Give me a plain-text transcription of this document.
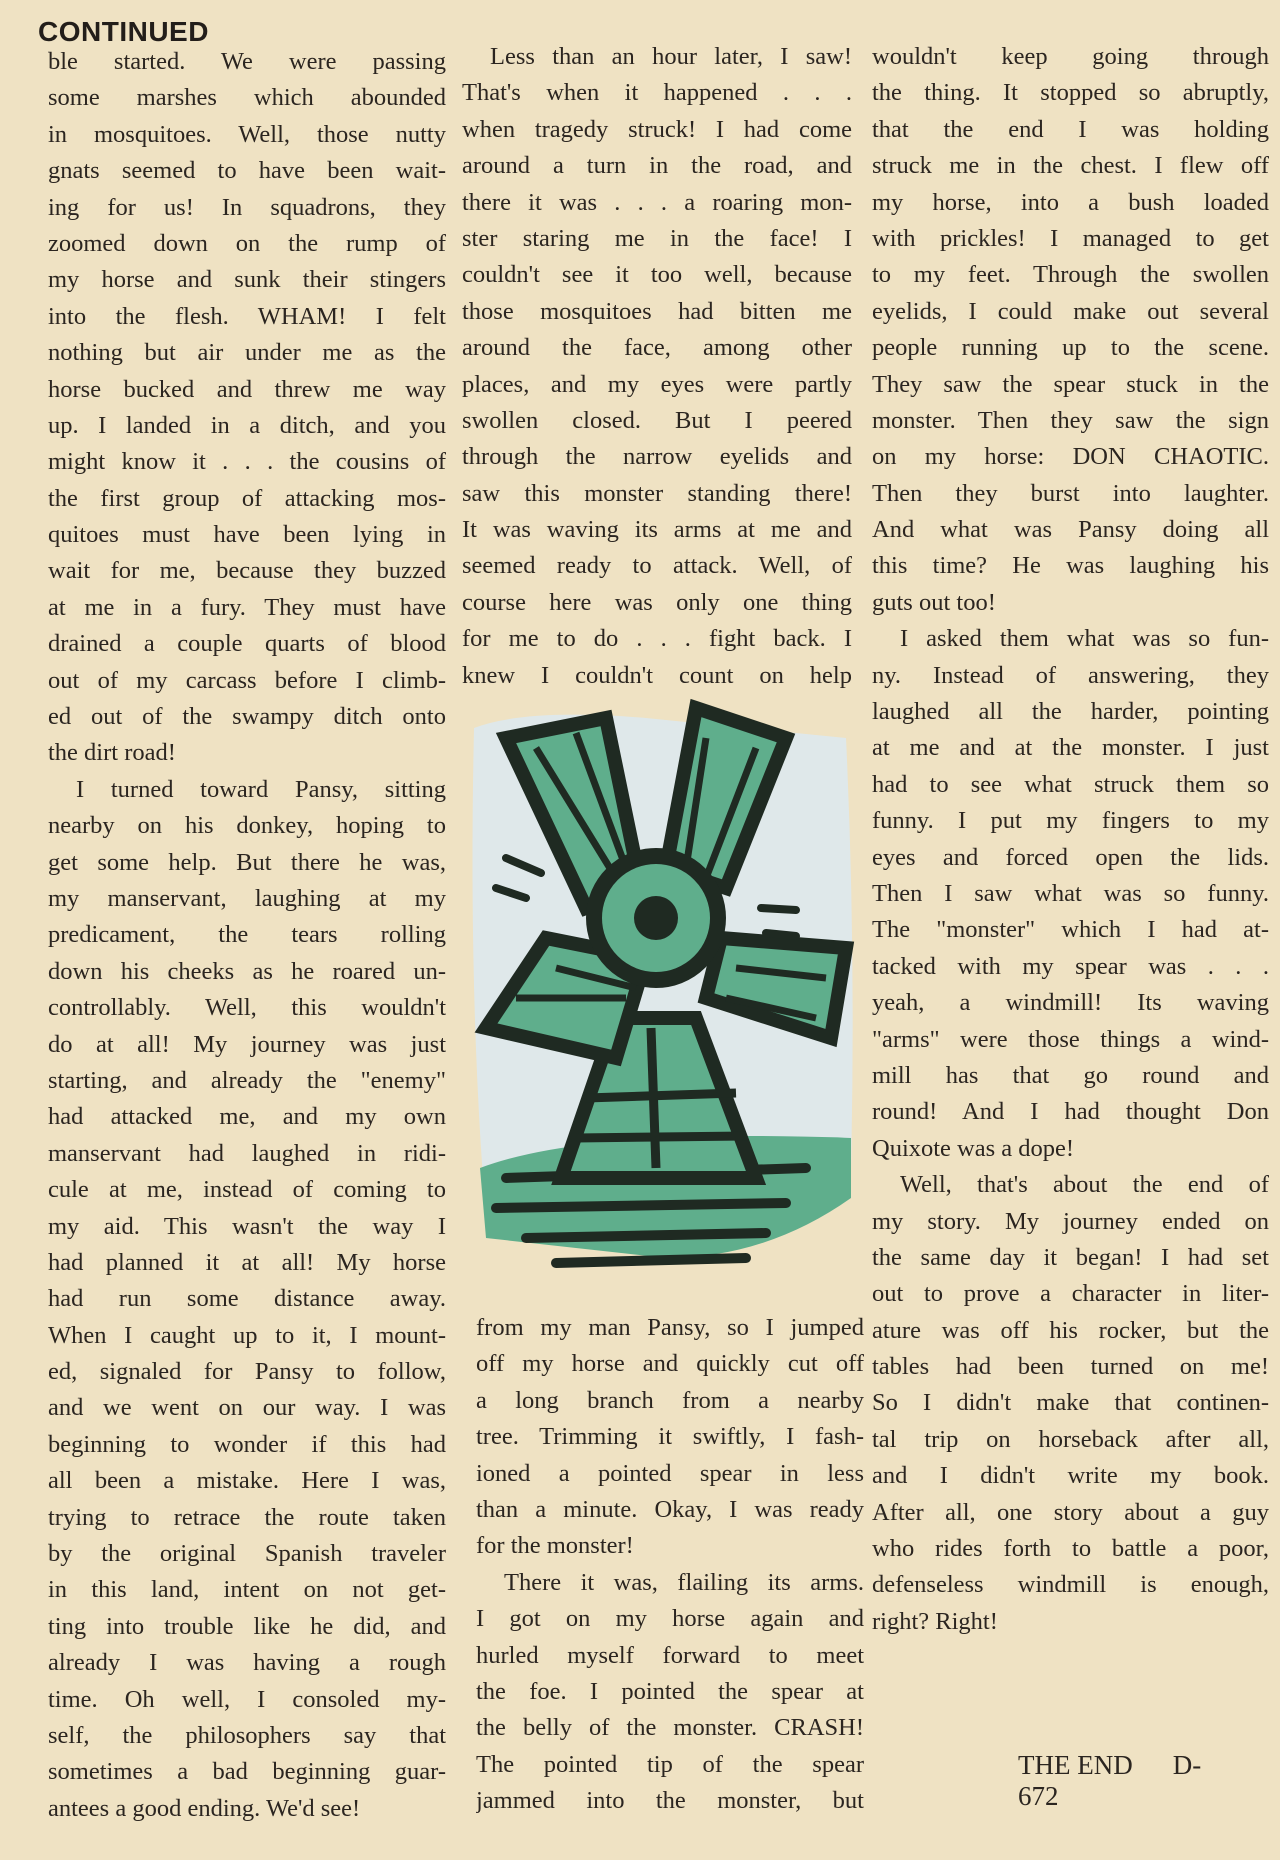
CONTINUED
ble started. We were passing
some marshes which abounded
in mosquitoes. Well, those nutty
gnats seemed to have been wait-
ing for us! In squadrons, they
zoomed down on the rump of
my horse and sunk their stingers
into the flesh. WHAM! I felt
nothing but air under me as the
horse bucked and threw me way
up. I landed in a ditch, and you
might know it . . . the cousins of
the first group of attacking mos-
quitoes must have been lying in
wait for me, because they buzzed
at me in a fury. They must have
drained a couple quarts of blood
out of my carcass before I climb-
ed out of the swampy ditch onto
the dirt road!
I turned toward Pansy, sitting
nearby on his donkey, hoping to
get some help. But there he was,
my manservant, laughing at my
predicament, the tears rolling
down his cheeks as he roared un-
controllably. Well, this wouldn't
do at all! My journey was just
starting, and already the "enemy"
had attacked me, and my own
manservant had laughed in ridi-
cule at me, instead of coming to
my aid. This wasn't the way I
had planned it at all! My horse
had run some distance away.
When I caught up to it, I mount-
ed, signaled for Pansy to follow,
and we went on our way. I was
beginning to wonder if this had
all been a mistake. Here I was,
trying to retrace the route taken
by the original Spanish traveler
in this land, intent on not get-
ting into trouble like he did, and
already I was having a rough
time. Oh well, I consoled my-
self, the philosophers say that
sometimes a bad beginning guar-
antees a good ending. We'd see!
Less than an hour later, I saw!
That's when it happened . . .
when tragedy struck! I had come
around a turn in the road, and
there it was . . . a roaring mon-
ster staring me in the face! I
couldn't see it too well, because
those mosquitoes had bitten me
around the face, among other
places, and my eyes were partly
swollen closed. But I peered
through the narrow eyelids and
saw this monster standing there!
It was waving its arms at me and
seemed ready to attack. Well, of
course here was only one thing
for me to do . . . fight back. I
knew I couldn't count on help
from my man Pansy, so I jumped
off my horse and quickly cut off
a long branch from a nearby
tree. Trimming it swiftly, I fash-
ioned a pointed spear in less
than a minute. Okay, I was ready
for the monster!
There it was, flailing its arms.
I got on my horse again and
hurled myself forward to meet
the foe. I pointed the spear at
the belly of the monster. CRASH!
The pointed tip of the spear
jammed into the monster, but
wouldn't keep going through
the thing. It stopped so abruptly,
that the end I was holding
struck me in the chest. I flew off
my horse, into a bush loaded
with prickles! I managed to get
to my feet. Through the swollen
eyelids, I could make out several
people running up to the scene.
They saw the spear stuck in the
monster. Then they saw the sign
on my horse: DON CHAOTIC.
Then they burst into laughter.
And what was Pansy doing all
this time? He was laughing his
guts out too!
I asked them what was so fun-
ny. Instead of answering, they
laughed all the harder, pointing
at me and at the monster. I just
had to see what struck them so
funny. I put my fingers to my
eyes and forced open the lids.
Then I saw what was so funny.
The "monster" which I had at-
tacked with my spear was . . .
yeah, a windmill! Its waving
"arms" were those things a wind-
mill has that go round and
round! And I had thought Don
Quixote was a dope!
Well, that's about the end of
my story. My journey ended on
the same day it began! I had set
out to prove a character in liter-
ature was off his rocker, but the
tables had been turned on me!
So I didn't make that continen-
tal trip on horseback after all,
and I didn't write my book.
After all, one story about a guy
who rides forth to battle a poor,
defenseless windmill is enough,
right? Right!
THE END D-672
